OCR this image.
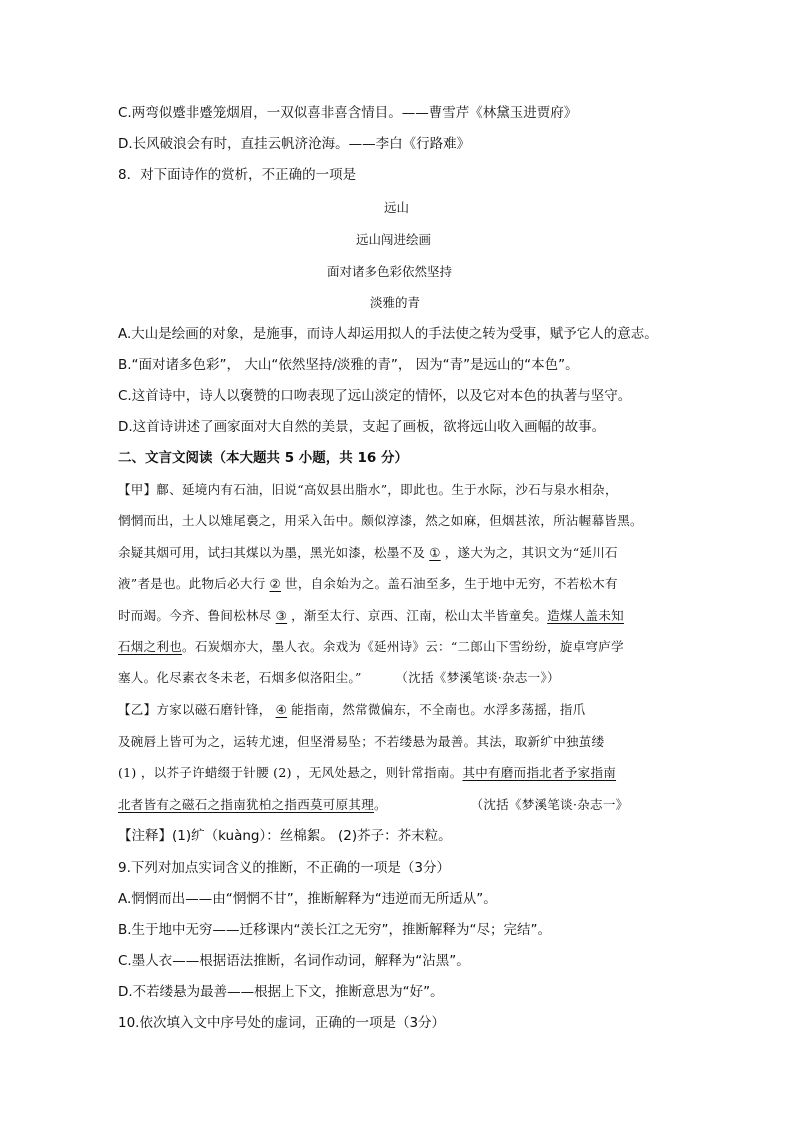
C.两弯似蹙非蹙笼烟眉，一双似喜非喜含情目。——曹雪芹《林黛玉进贾府》
D.长风破浪会有时，直挂云帆济沧海。——李白《行路难》
8．对下面诗作的赏析，不正确的一项是
远山
远山闯进绘画
面对诸多色彩依然坚持
淡雅的青
A.大山是绘画的对象，是施事，而诗人却运用拟人的手法使之转为受事，赋予它人的意志。
B.“面对诸多色彩”， 大山“依然坚持/淡雅的青”， 因为“青”是远山的“本色”。
C.这首诗中，诗人以褒赞的口吻表现了远山淡定的情怀，以及它对本色的执著与坚守。
D.这首诗讲述了画家面对大自然的美景，支起了画板，欲将远山收入画幅的故事。
二、文言文阅读（本大题共 5 小题，共 16 分）
【甲】鄜、延境内有石油，旧说“高奴县出脂水”，即此也。生于水际，沙石与泉水相杂，
惘惘而出，土人以雉尾裛之，用采入缶中。颇似淳漆，然之如麻，但烟甚浓，所沾幄幕皆黑。
余疑其烟可用，试扫其煤以为墨，黑光如漆，松墨不及 ① ，遂大为之，其识文为“延川石
液”者是也。此物后必大行 ② 世，自余始为之。盖石油至多，生于地中无穷，不若松木有
时而竭。今齐、鲁间松林尽 ③ ，渐至太行、京西、江南，松山太半皆童矣。造煤人盖未知
石烟之利也。石炭烟亦大，墨人衣。余戏为《延州诗》云：“二郎山下雪纷纷，旋卓穹庐学
塞人。化尽素衣冬未老，石烟多似洛阳尘。”	（沈括《梦溪笔谈·杂志一》）
【乙】方家以磁石磨针锋， ④ 能指南，然常微偏东，不全南也。水浮多荡摇，指爪
及碗唇上皆可为之，运转尤速，但坚滑易坠；不若缕悬为最善。其法，取新纩中独茧缕
(1) ，以芥子许蜡缀于针腰 (2) ，无风处悬之，则针常指南。其中有磨而指北者予家指南
北者皆有之磁石之指南犹柏之指西莫可原其理。	（沈括《梦溪笔谈·杂志一》
【注释】(1)纩（kuàng）：丝棉絮。 (2)芥子：芥末粒。
9.下列对加点实词含义的推断，不正确的一项是（3分）
A.惘惘而出——由“惘惘不甘”，推断解释为“违逆而无所适从”。
B.生于地中无穷——迁移课内“羡长江之无穷”，推断解释为“尽；完结”。
C.墨人衣——根据语法推断，名词作动词，解释为“沾黑”。
D.不若缕悬为最善——根据上下文，推断意思为“好”。
10.依次填入文中序号处的虚词，正确的一项是（3分）
